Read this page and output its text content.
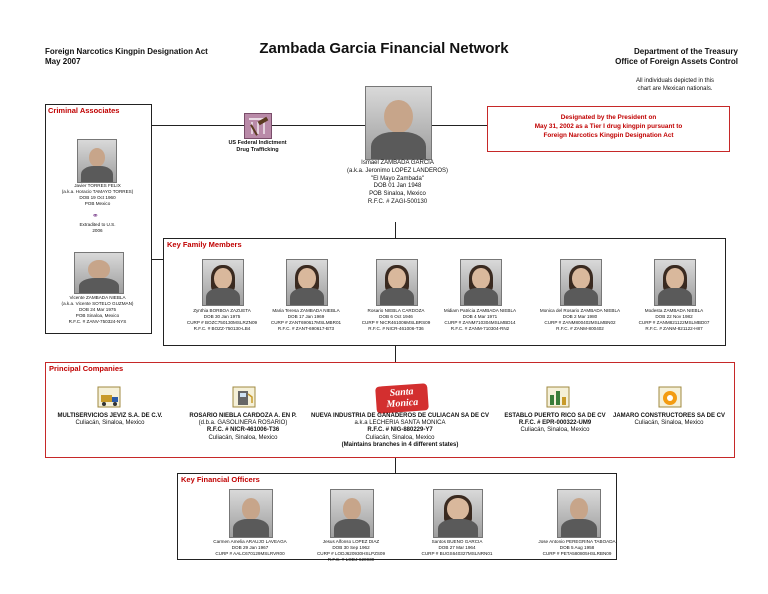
Foreign Narcotics Kingpin Designation Act
May 2007
Zambada Garcia Financial Network	Department of the Treasury
Office of Foreign Assets Control
All individuals depicted in this
chart are Mexican nationals.
Designated by the President on
May 31, 2002 as a Tier I drug kingpin pursuant to
Foreign Narcotics Kingpin Designation Act
US Federal Indictment
Drug Trafficking
Ismael ZAMBADA GARCIA
(a.k.a. Jeronimo LOPEZ LANDEROS)
"El Mayo Zambada"
DOB 01 Jan 1948
POB Sinaloa, Mexico
R.F.C. # ZAGI-500130
Criminal Associates
Javier TORRES FELIX
(a.k.a. Horacio TAMAYO TORRES)
DOB 19 Oct 1960
POB Mexico
⚭
Extradited to U.S.
2006
Vicente ZAMBADA NIEBLA
(a.k.a. Vicente SOTELO GUZMAN)
DOB 24 Mar 1975
POB Sinaloa, Mexico
R.F.C. # ZANV-750324-NYS
Key Family Members
Zynthia BORBOA ZAZUETA
DOB 30 Jan 1975
CURP # BOZC750130MSLRZN09
R.F.C. # BOZZ-750130-LB4
Maria Teresa ZAMBADA NIEBLA
DOB 17 Jan 1969
CURP # ZANT690617MSLMBR01
R.F.C. # ZANT-690617-B73
Rosario NIEBLA CARDOZA
DOB 6 Oct 1946
CURP # NICR461006MSLBRS09
R.F.C. # NICR-461006-T36
Midiam Patricia ZAMBADA NIEBLA
DOB 4 Mar 1971
CURP # ZANM710304MSLMBD14
R.F.C. # ZANM-710304-RN2
Monica del Rosario ZAMBADA NIEBLA
DOB 2 Mar 1980
CURP # ZANM800402MSLMBN02
R.F.C. # ZANM-800402
Modesta ZAMBADA NIEBLA
DOB 22 Nov 1982
CURP # ZANM821122MSLMBD07
R.F.C. # ZANM-821122-H87
Principal Companies
MULTISERVICIOS JEVIZ S.A. DE C.V.
Culiacán, Sinaloa, Mexico
ROSARIO NIEBLA CARDOZA A. EN P.
(d.b.a. GASOLINERA ROSARIO)
R.F.C. # NICR-461006-T36
Culiacán, Sinaloa, Mexico
Santa
Monica
NUEVA INDUSTRIA DE GANADEROS DE CULIACAN SA DE CV
a.k.a LECHERIA SANTA MONICA
R.F.C. # NIG-880229-Y7
Culiacán, Sinaloa, Mexico
(Maintains branches in 4 different states)
ESTABLO PUERTO RICO SA DE CV
R.F.C. # EPR-000322-UM9
Culiacán, Sinaloa, Mexico
JAMARO CONSTRUCTORES SA DE CV
Culiacán, Sinaloa, Mexico
Key Financial Officers
Carmen Amelia ARAUJO LAVEAGA
DOB 29 Jan 1967
CURP # AALC670129MSLRVR00
Jesus Alfonso LOPEZ DIAZ
DOB 30 Sep 1962
CURP # LODJ620930HSLPZS09
R.F.C. # LODJ-620930
Santos BUENO GARCIA
DOB 27 Mar 1964
CURP # BUGS640327MSLNRN01
Jose Antonio PEREGRINA TABOADA
DOB 5 Aug 1958
CURP # PETA580805HSLRBN09
